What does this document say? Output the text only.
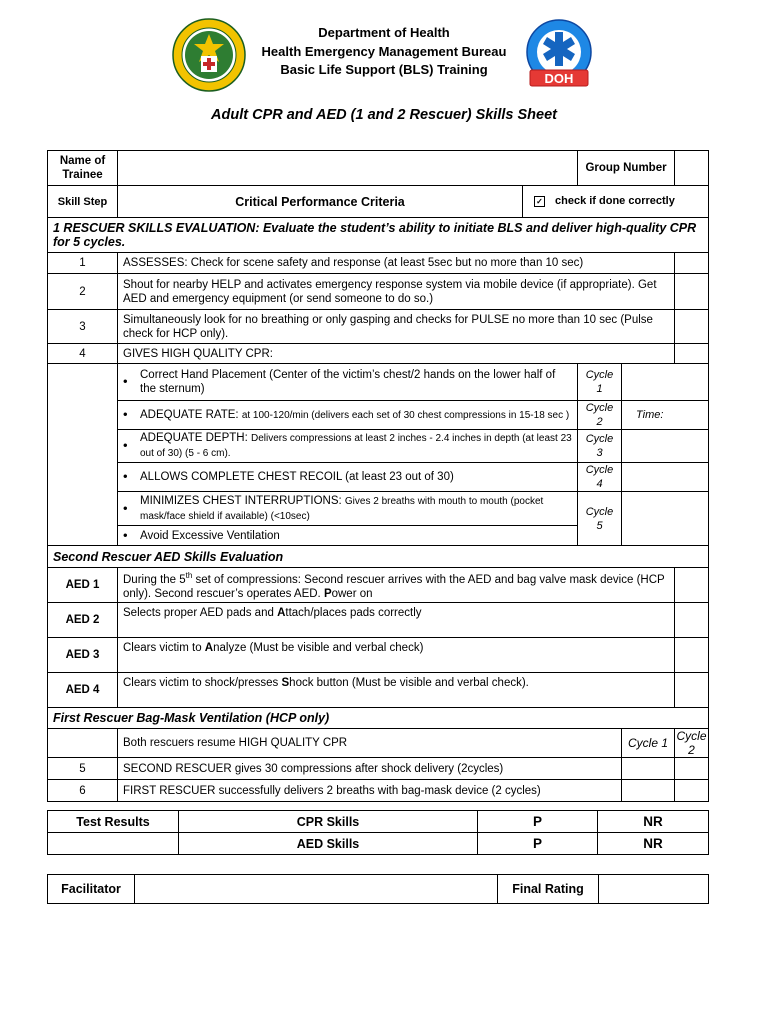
Department of Health
Health Emergency Management Bureau
Basic Life Support (BLS) Training
DOH
Adult CPR and AED (1 and 2 Rescuer) Skills Sheet
Name of Trainee			Group Number		
Skill Step	Critical Performance Criteria	✓ check if done correctly			
1 RESCUER SKILLS EVALUATION: Evaluate the student’s ability to initiate BLS and deliver high-quality CPR for 5 cycles.					
1	ASSESSES: Check for scene safety and response (at least 5sec but no more than 10 sec)				
2	Shout for nearby HELP and activates emergency response system via mobile device (if appropriate). Get AED and emergency equipment (or send someone to do so.)				
3	Simultaneously look for no breathing or only gasping and checks for PULSE no more than 10 sec (Pulse check for HCP only).				
4	GIVES HIGH QUALITY CPR:				
	• Correct Hand Placement (Center of the victim’s chest/2 hands on the lower half of the sternum)		Cycle 1		
	• ADEQUATE RATE: at 100-120/min (delivers each set of 30 chest compressions in 15-18 sec )		Cycle 2	Time:	
	• ADEQUATE DEPTH: Delivers compressions at least 2 inches - 2.4 inches in depth (at least 23 out of 30) (5 - 6 cm).		Cycle 3		
	• ALLOWS COMPLETE CHEST RECOIL (at least 23 out of 30)		Cycle 4		
	• MINIMIZES CHEST INTERRUPTIONS: Gives 2 breaths with mouth to mouth (pocket mask/face shield if available) (<10sec)		Cycle 5		
	• Avoid Excessive Ventilation
Second Rescuer AED Skills Evaluation					
AED 1	During the 5th set of compressions: Second rescuer arrives with the AED and bag valve mask device (HCP only). Second rescuer’s operates AED. Power on				
AED 2	Selects proper AED pads and Attach/places pads correctly				
AED 3	Clears victim to Analyze (Must be visible and verbal check)				
AED 4	Clears victim to shock/presses Shock button (Must be visible and verbal check).				
First Rescuer Bag-Mask Ventilation (HCP only)					
	Both rescuers resume HIGH QUALITY CPR			Cycle 1	Cycle 2
5	SECOND RESCUER gives 30 compressions after shock delivery (2cycles)				
6	FIRST RESCUER successfully delivers 2 breaths with bag-mask device (2 cycles)				
Test Results	CPR Skills	P	NR
	AED Skills	P	NR
Facilitator		Final Rating	
